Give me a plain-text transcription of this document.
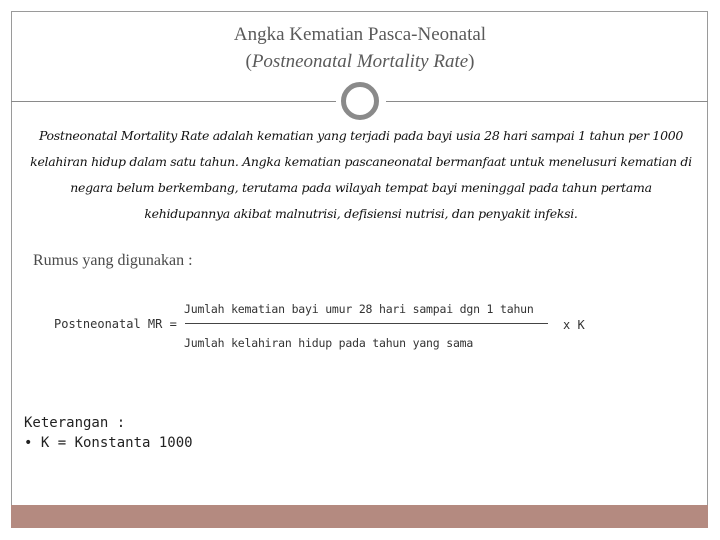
Angka Kematian Pasca-Neonatal
(Postneonatal Mortality Rate)
Postneonatal Mortality Rate adalah kematian yang terjadi pada bayi usia 28 hari sampai 1 tahun per 1000 kelahiran hidup dalam satu tahun. Angka kematian pascaneonatal bermanfaat untuk menelusuri kematian di negara belum berkembang, terutama pada wilayah tempat bayi meninggal pada tahun pertama kehidupannya akibat malnutrisi, defisiensi nutrisi, dan penyakit infeksi.
Rumus yang digunakan :
Postneonatal MR =
Jumlah kematian bayi umur 28 hari sampai dgn 1 tahun
Jumlah kelahiran hidup pada tahun yang sama
x K
Keterangan :
• K = Konstanta 1000
